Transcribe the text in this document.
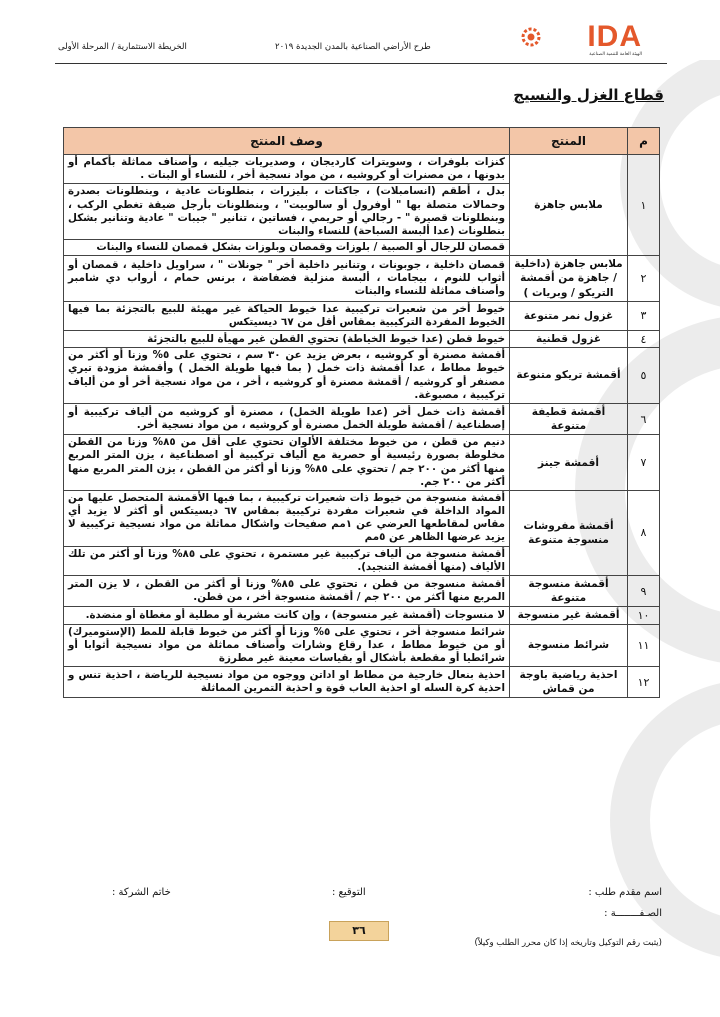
IDA
الهيئة العامة للتنمية الصناعية
طرح الأراضي الصناعية بالمدن الجديدة ٢٠١٩
الخريطة الاستثمارية / المرحلة الأولى
قطاع الغزل والنسيج
م	المنتج	وصف المنتج
١	ملابس جاهزة	كنزات بلوفرات ، وسويترات كارديجان ، وصديريات جيليه ، وأصناف مماثلة بأكمام أو بدونها ، من مصنرات أو كروشيه ، من مواد نسجية أخر ، للنساء أو البنات .
		بدل ، أطقم (انسامبلات) ، جاكتات ، بليزرات ، بنطلونات عادية ، وبنطلونات بصدرة وحمالات متصلة بها " أوفرول أو سالوبيت" ، وبنطلونات بأرجل ضيقة تغطي الركب ، وبنطلونات قصيرة " - رجالي أو حريمي ، فساتين ، تنانير " جيبات " عادية وتنانير بشكل بنطلونات (عدا ألبسة السباحة) للنساء والبنات
		قمصان للرجال أو الصبية / بلوزات وقمصان وبلوزات بشكل قمصان للنساء والبنات
٢	ملابس جاهزة (داخلية / جاهزة من أقمشة التريكو / وبريات )	قمصان داخلية ، جوبونات ، وتنانير داخلية أخر " جونلات " ، سراويل داخلية ، قمصان أو أثواب للنوم ، بيجامات ، ألبسة منزلية فضفاضة ، برنس حمام ، أرواب دي شامبر وأصناف مماثلة للنساء والبنات
٣	غزول نمر متنوعة	خيوط أخر من شعيرات تركيبية عدا خيوط الحياكة غير مهيئة للبيع بالتجزئة بما فيها الخيوط المفردة التركيبية بمقاس أقل من ٦٧ ديسيتكس
٤	غزول قطنية	خيوط قطن (عدا خيوط الخياطة) تحتوي القطن غير مهيأة للبيع بالتجزئة
٥	أقمشة تريكو متنوعة	أقمشة مصنرة أو كروشيه ، بعرض يزيد عن ٣٠ سم ، تحتوي على ٥% وزنا أو أكثر من خيوط مطاط ، عدا أقمشة ذات خمل ( بما فيها طويلة الخمل ) وأقمشة مزودة تيري مصنفر أو كروشيه / أقمشة مصنرة أو كروشيه ، أخر ، من مواد نسجية أخر أو من ألياف تركيبية ، مصبوغة.
٦	أقمشة قطيفة متنوعة	أقمشة ذات خمل أخر (عدا طويلة الخمل) ، مصنرة أو كروشيه من ألياف تركيبية أو إصطناعية / أقمشة طويلة الخمل مصنرة أو كروشيه ، من مواد نسجية أخر.
٧	أقمشة جينز	دنيم من قطن ، من خيوط مختلفة الألوان تحتوي على أقل من ٨٥% وزنا من القطن مخلوطة بصورة رئيسية أو حصرية مع ألياف تركيبية أو اصطناعية ، يزن المتر المربع منها أكثر من ٢٠٠ جم / تحتوي على ٨٥% وزنا أو أكثر من القطن ، يزن المتر المربع منها أكثر من ٢٠٠ جم.
٨	أقمشة مفروشات منسوجة متنوعة	أقمشة منسوجة من خيوط ذات شعيرات تركيبية ، بما فيها الأقمشة المتحصل عليها من المواد الداخلة في شعيرات مفردة تركيبية بمقاس ٦٧ ديسيتكس أو أكثر لا يزيد أي مقاس لمقاطعها العرضي عن ١مم صفيحات واشكال مماثلة من مواد نسيجية تركيبية لا يزيد عرضها الظاهر عن ٥مم
		أقمشة منسوجة من ألياف تركيبية غير مستمرة ، تحتوي على ٨٥% وزنا أو أكثر من تلك الألياف (منها أقمشة التنجيد).
٩	أقمشة منسوجة متنوعة	أقمشة منسوجة من قطن ، تحتوي على ٨٥% وزنا أو أكثر من القطن ، لا يزن المتر المربع منها أكثر من ٢٠٠ جم / أقمشة منسوجة أخر ، من قطن.
١٠	أقمشة غير منسوجة	لا منسوجات (أقمشة غير منسوجة) ، وإن كانت مشربة أو مطلية أو مغطاة أو منضدة.
١١	شرائط منسوجة	شرائط منسوجة أخر ، تحتوي على ٥% وزنا أو أكثر من خيوط قابلة للمط (الإستوميرك) أو من خيوط مطاط ، عدا رقاع وشارات وأصناف مماثلة من مواد نسيجية أثوابا أو شرائطيا أو مقطعة بأشكال أو بقياسات معينة غير مطرزة
١٢	احذية رياضية باوجة من قماش	احذية بنعال خارجية من مطاط او اداتن ووجوه من مواد نسيجية للرياضة ، احذية تنس و احذية كرة السله او احذية العاب قوة و احذية التمرين المماثلة
اسم مقدم طلب :
التوقيع :
خاتم الشركة :
الصـفــــــــة :
٣٦
(يثبت رقم التوكيل وتاريخه إذا كان محرر الطلب وكيلاً)
